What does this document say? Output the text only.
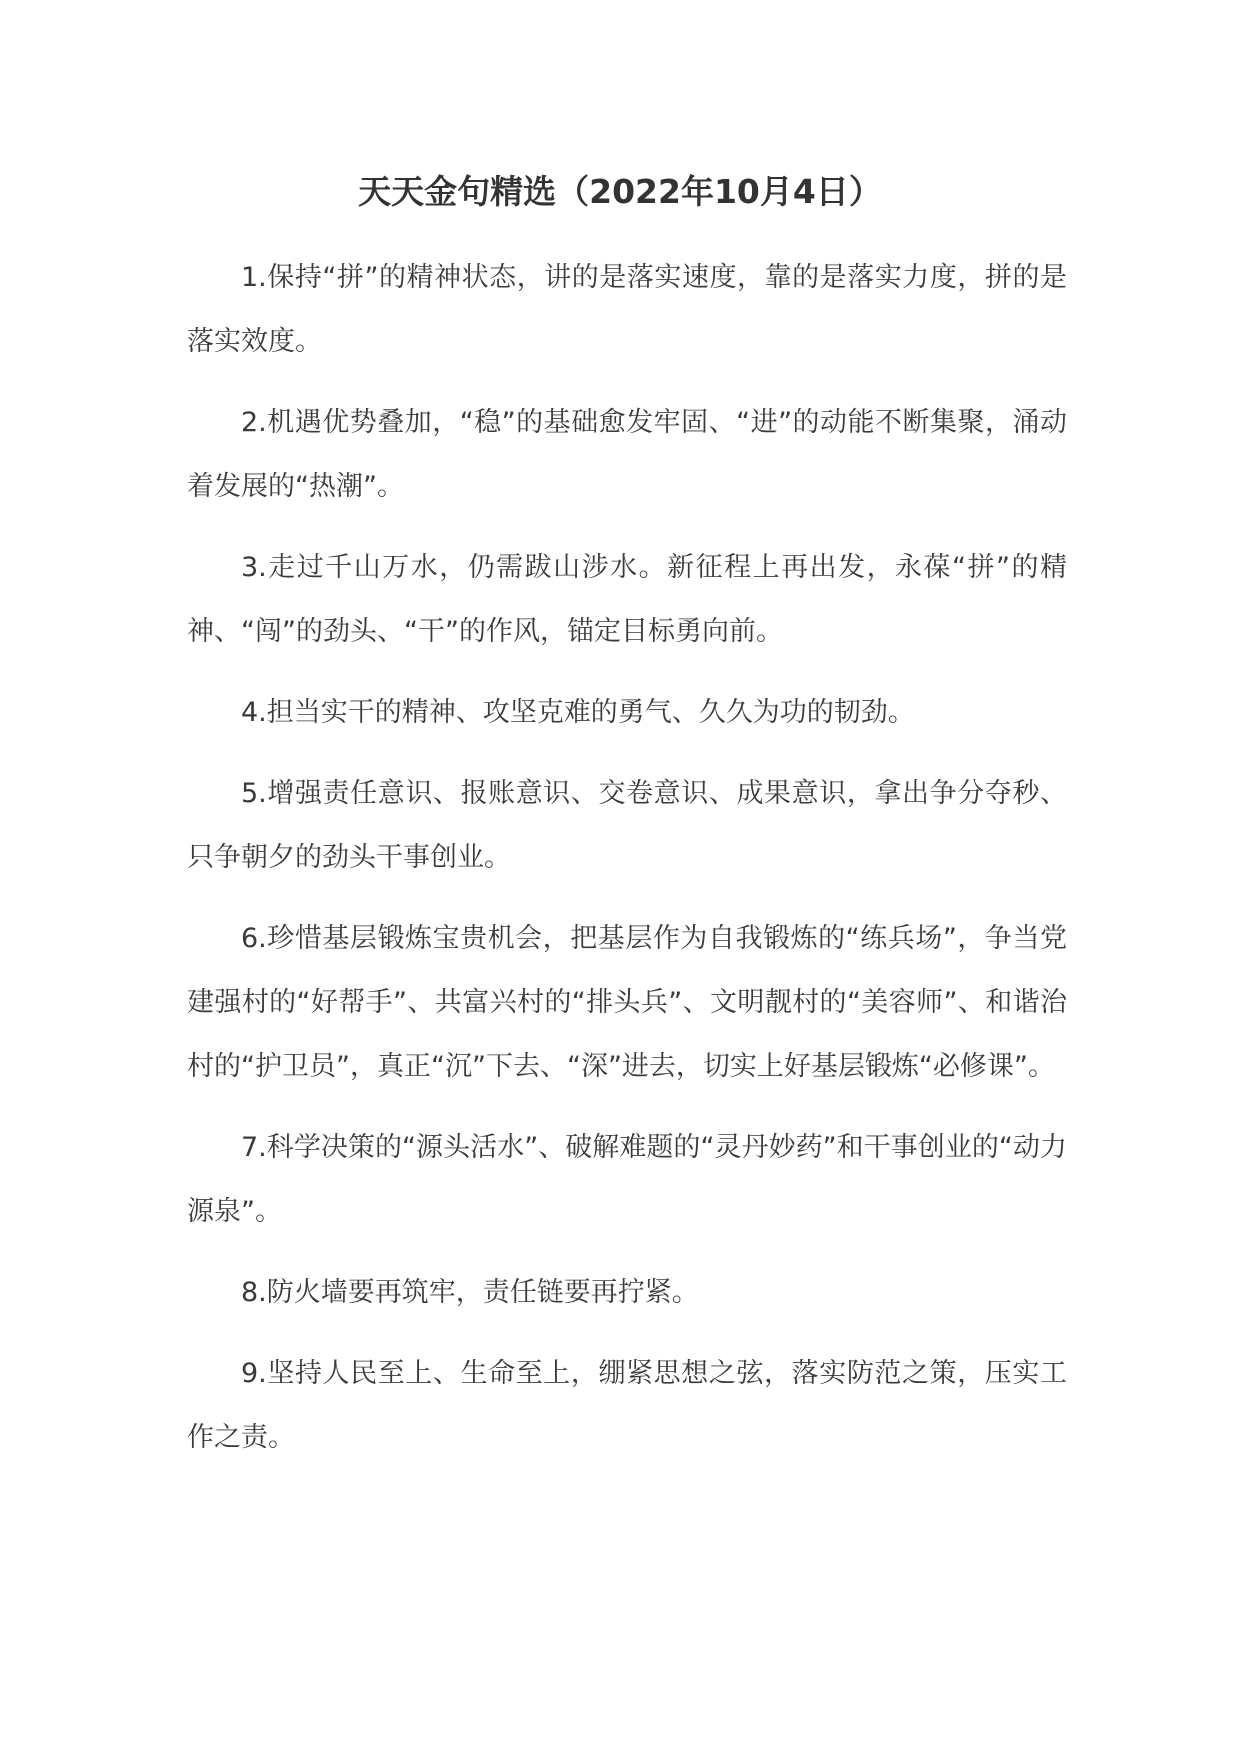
天天金句精选（2022年10月4日）

1.保持“拼”的精神状态，讲的是落实速度，靠的是落实力度，拼的是落实效度。

2.机遇优势叠加，“稳”的基础愈发牢固、“进”的动能不断集聚，涌动着发展的“热潮”。

3.走过千山万水，仍需跋山涉水。新征程上再出发，永葆“拼”的精神、“闯”的劲头、“干”的作风，锚定目标勇向前。

4.担当实干的精神、攻坚克难的勇气、久久为功的韧劲。

5.增强责任意识、报账意识、交卷意识、成果意识，拿出争分夺秒、只争朝夕的劲头干事创业。

6.珍惜基层锻炼宝贵机会，把基层作为自我锻炼的“练兵场”，争当党建强村的“好帮手”、共富兴村的“排头兵”、文明靓村的“美容师”、和谐治村的“护卫员”，真正“沉”下去、“深”进去，切实上好基层锻炼“必修课”。

7.科学决策的“源头活水”、破解难题的“灵丹妙药”和干事创业的“动力源泉”。

8.防火墙要再筑牢，责任链要再拧紧。

9.坚持人民至上、生命至上，绷紧思想之弦，落实防范之策，压实工作之责。
